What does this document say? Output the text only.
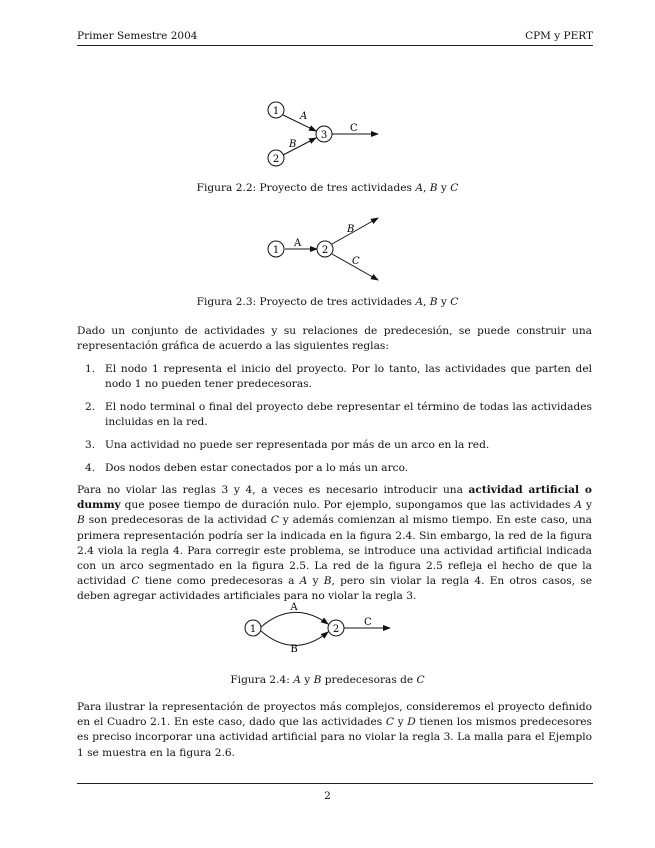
Primer Semestre 2004	CPM y PERT
1
2
3
A
B
C
Figura 2.2: Proyecto de tres actividades A, B y C
1	2
A
B
C
Figura 2.3: Proyecto de tres actividades A, B y C
Dado un conjunto de actividades y su relaciones de predecesión, se puede construir una representación gráfica de acuerdo a las siguientes reglas:
1. El nodo 1 representa el inicio del proyecto. Por lo tanto, las actividades que parten del nodo 1 no pueden tener predecesoras.
2. El nodo terminal o final del proyecto debe representar el término de todas las actividades incluidas en la red.
3. Una actividad no puede ser representada por más de un arco en la red.
4. Dos nodos deben estar conectados por a lo más un arco.
Para no violar las reglas 3 y 4, a veces es necesario introducir una actividad artificial o dummy que posee tiempo de duración nulo. Por ejemplo, supongamos que las actividades A y B son predecesoras de la actividad C y además comienzan al mismo tiempo. En este caso, una primera representación podría ser la indicada en la figura 2.4. Sin embargo, la red de la figura 2.4 viola la regla 4. Para corregir este problema, se introduce una actividad artificial indicada con un arco segmentado en la figura 2.5. La red de la figura 2.5 refleja el hecho de que la actividad C tiene como predecesoras a A y B, pero sin violar la regla 4. En otros casos, se deben agregar actividades artificiales para no violar la regla 3.
1	2
A
B
C
Figura 2.4: A y B predecesoras de C
Para ilustrar la representación de proyectos más complejos, consideremos el proyecto definido en el Cuadro 2.1. En este caso, dado que las actividades C y D tienen los mismos predecesores es preciso incorporar una actividad artificial para no violar la regla 3. La malla para el Ejemplo 1 se muestra en la figura 2.6.
2
